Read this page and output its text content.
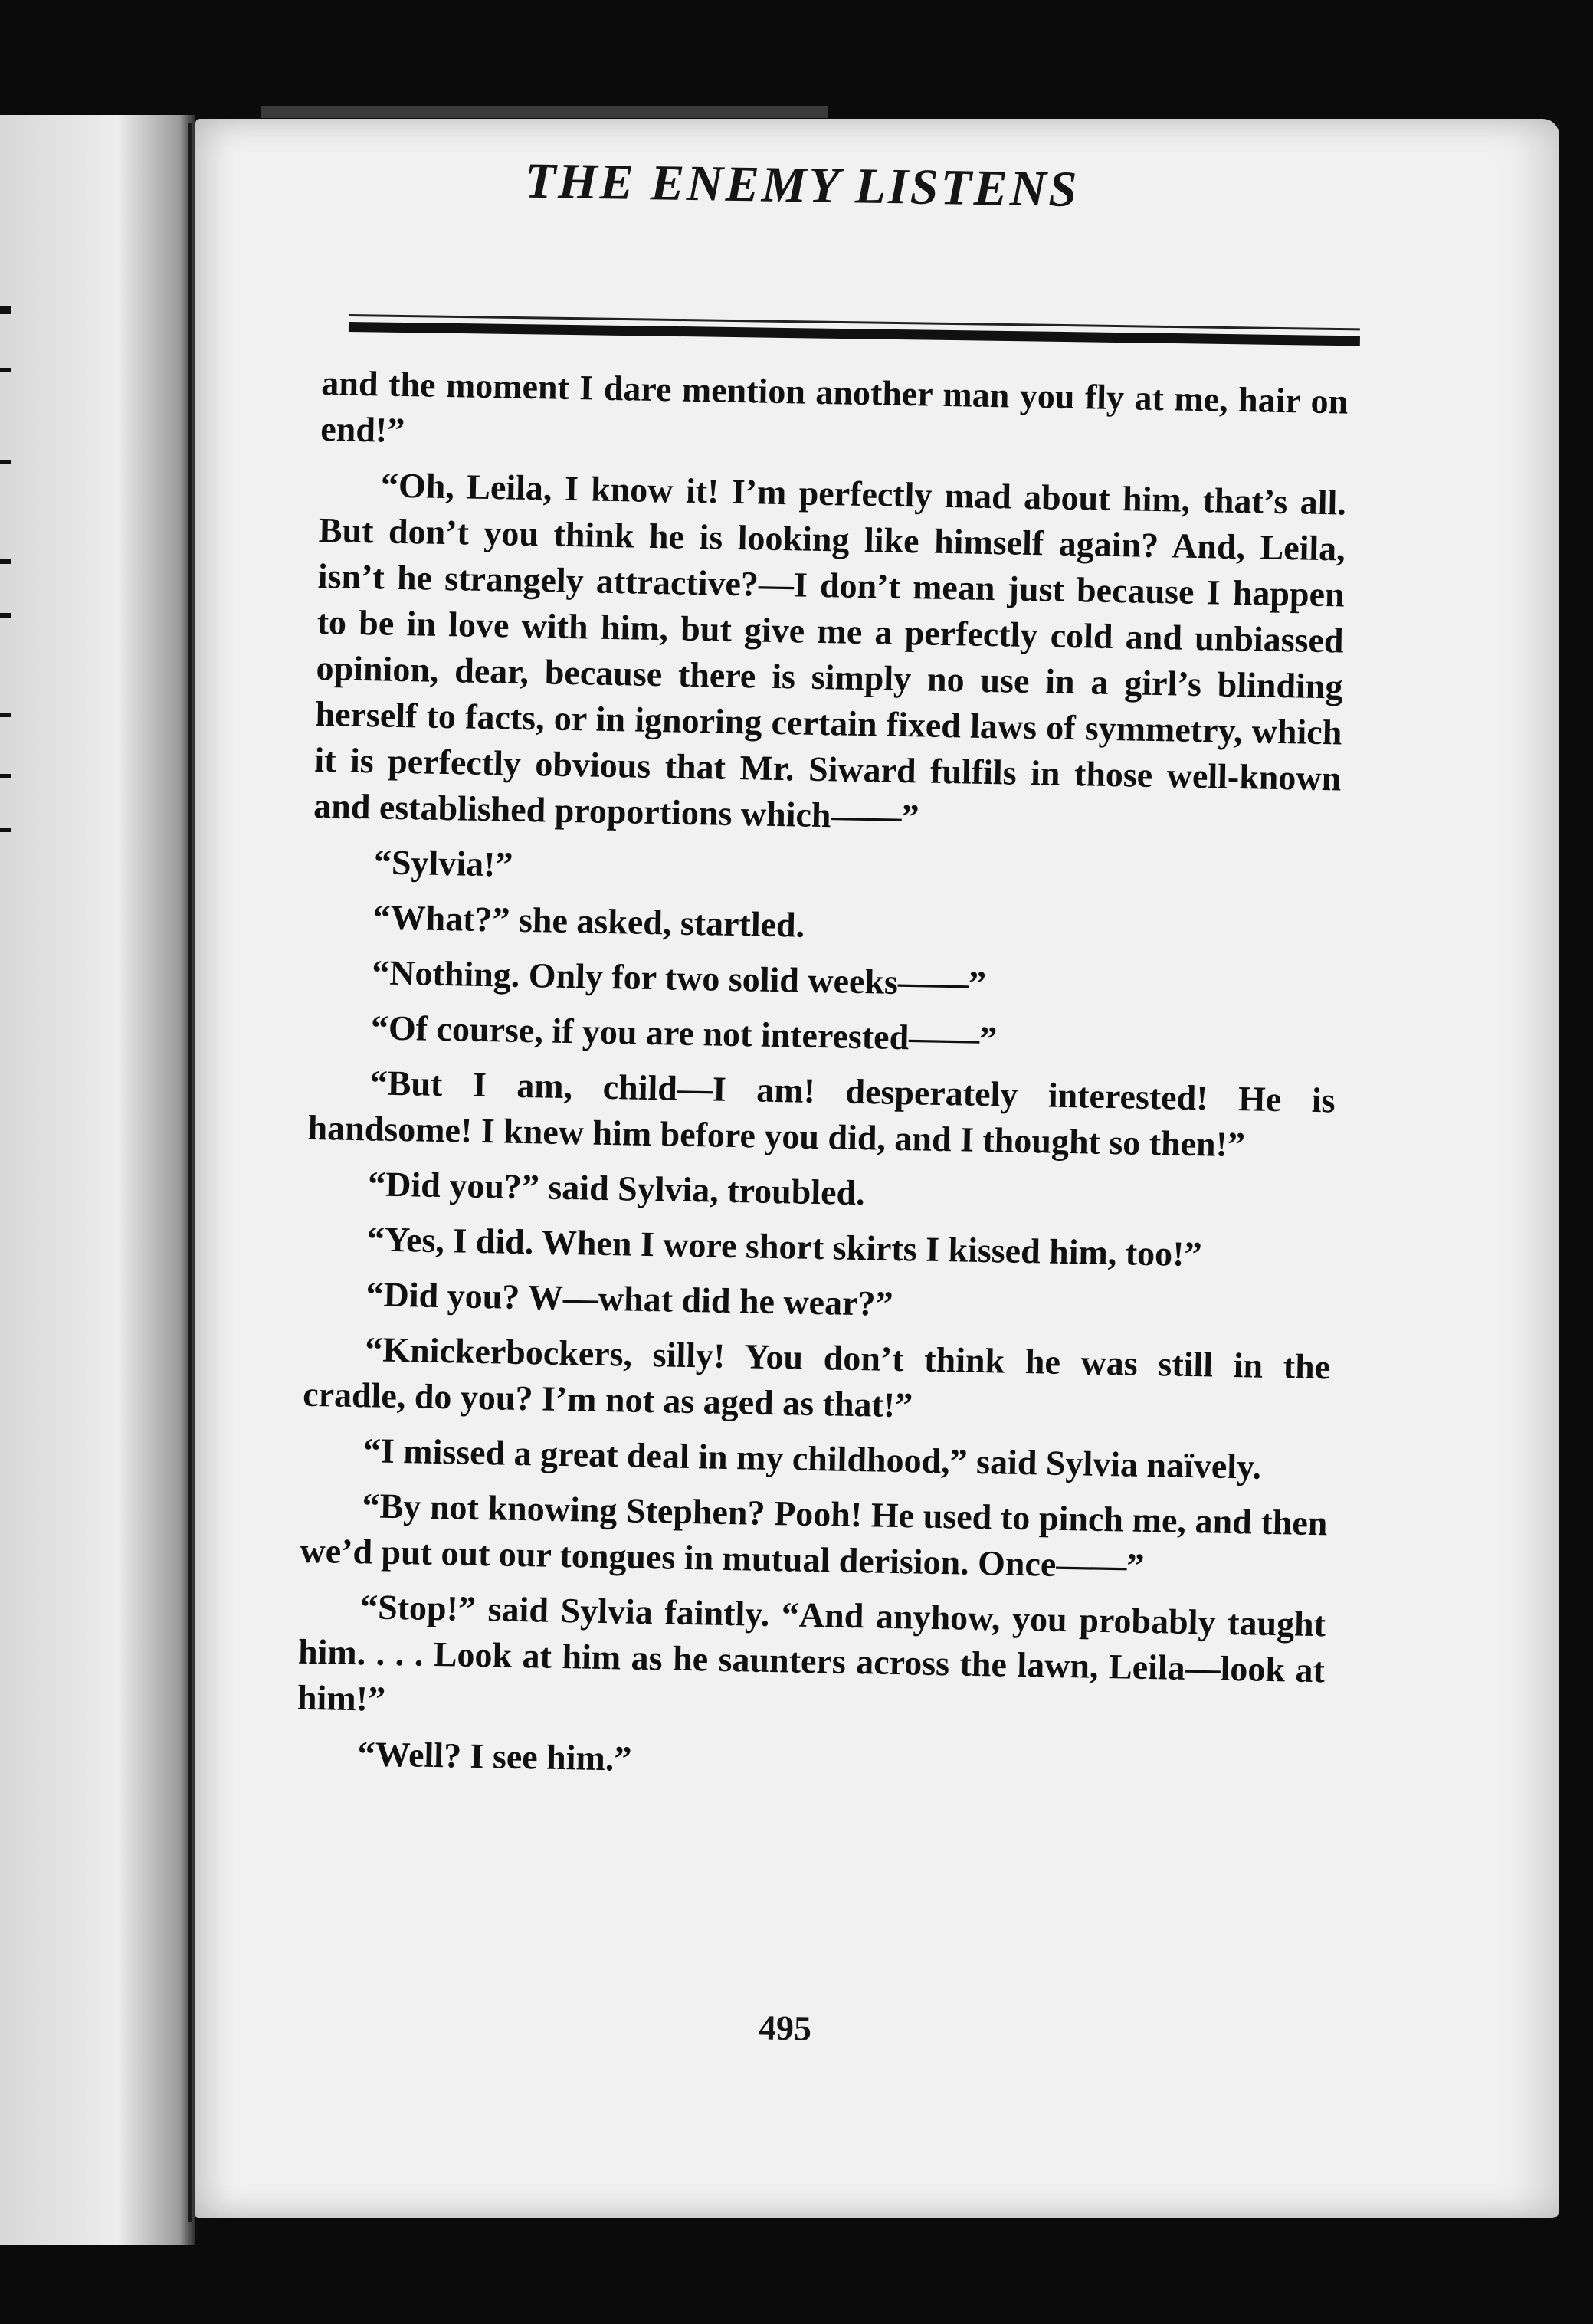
THE ENEMY LISTENS

and the moment I dare mention another man you fly at me, hair on end!”

“Oh, Leila, I know it! I’m perfectly mad about him, that’s all. But don’t you think he is looking like himself again? And, Leila, isn’t he strangely attractive?—I don’t mean just because I happen to be in love with him, but give me a perfectly cold and unbiassed opinion, dear, because there is simply no use in a girl’s blinding herself to facts, or in ignoring certain fixed laws of symmetry, which it is perfectly obvious that Mr. Siward fulfils in those well-known and established proportions which——”

“Sylvia!”

“What?” she asked, startled.

“Nothing. Only for two solid weeks——”

“Of course, if you are not interested——”

“But I am, child—I am! desperately interested! He is handsome! I knew him before you did, and I thought so then!”

“Did you?” said Sylvia, troubled.

“Yes, I did. When I wore short skirts I kissed him, too!”

“Did you? W—what did he wear?”

“Knickerbockers, silly! You don’t think he was still in the cradle, do you? I’m not as aged as that!”

“I missed a great deal in my childhood,” said Sylvia naïvely.

“By not knowing Stephen? Pooh! He used to pinch me, and then we’d put out our tongues in mutual derision. Once——”

“Stop!” said Sylvia faintly. “And anyhow, you probably taught him. . . . Look at him as he saunters across the lawn, Leila—look at him!”

“Well? I see him.”

495
